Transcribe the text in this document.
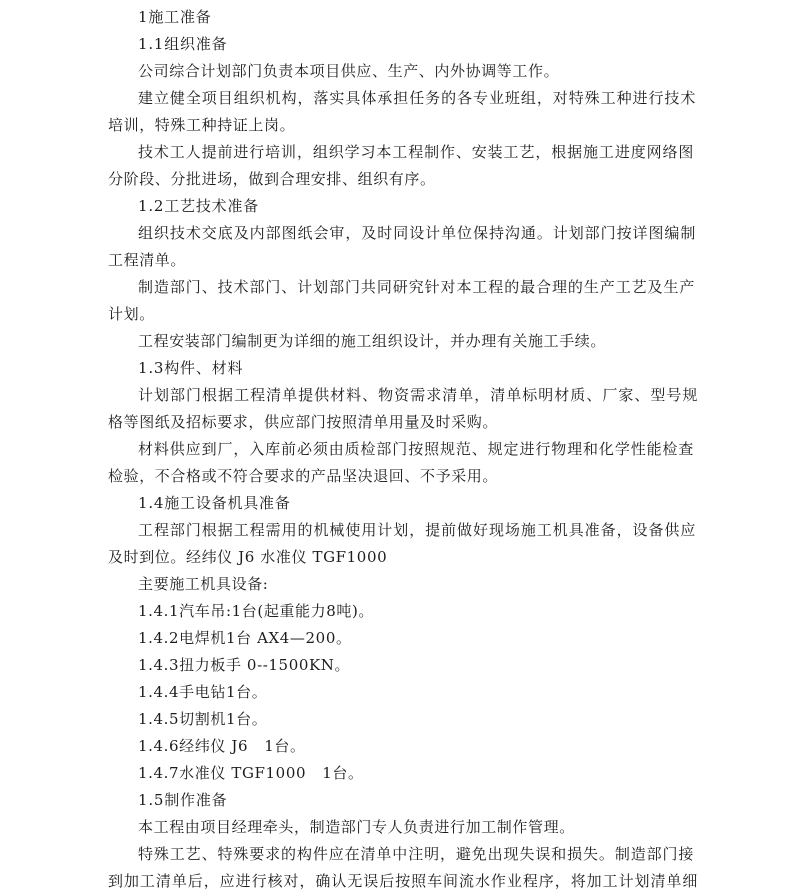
1施工准备
1.1组织准备
公司综合计划部门负责本项目供应、生产、内外协调等工作。
建立健全项目组织机构，落实具体承担任务的各专业班组，对特殊工种进行技术
培训，特殊工种持证上岗。
技术工人提前进行培训，组织学习本工程制作、安装工艺，根据施工进度网络图
分阶段、分批进场，做到合理安排、组织有序。
1.2工艺技术准备
组织技术交底及内部图纸会审，及时同设计单位保持沟通。计划部门按详图编制
工程清单。
制造部门、技术部门、计划部门共同研究针对本工程的最合理的生产工艺及生产
计划。
工程安装部门编制更为详细的施工组织设计，并办理有关施工手续。
1.3构件、材料
计划部门根据工程清单提供材料、物资需求清单，清单标明材质、厂家、型号规
格等图纸及招标要求，供应部门按照清单用量及时采购。
材料供应到厂，入库前必须由质检部门按照规范、规定进行物理和化学性能检查
检验，不合格或不符合要求的产品坚决退回、不予采用。
1.4施工设备机具准备
工程部门根据工程需用的机械使用计划，提前做好现场施工机具准备，设备供应
及时到位。经纬仪 J6 水准仪 TGF1000
主要施工机具设备:
1.4.1汽车吊:1台(起重能力8吨)。
1.4.2电焊机1台 AX4—200。
1.4.3扭力板手 0--1500KN。
1.4.4手电钻1台。
1.4.5切割机1台。
1.4.6经纬仪 J6   1台。
1.4.7水准仪 TGF1000   1台。
1.5制作准备
本工程由项目经理牵头，制造部门专人负责进行加工制作管理。
特殊工艺、特殊要求的构件应在清单中注明，避免出现失误和损失。制造部门接
到加工清单后，应进行核对，确认无误后按照车间流水作业程序，将加工计划清单细
